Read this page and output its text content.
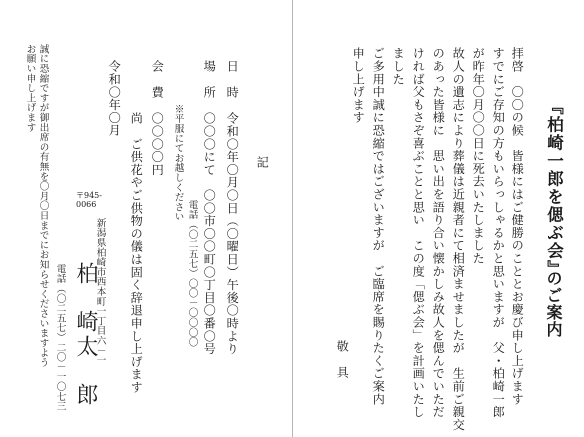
『柏崎一郎を偲ぶ会』
のご案内
拝啓　〇〇の候　皆様にはご健勝のこととお慶び申し上げます
すでにご存知の方もいらっしゃるかと思いますが　父・柏崎一郎
が昨年〇月〇〇日に死去いたしました
故人の遺志により葬儀は近親者にて相済ませましたが　生前ご親交
のあった皆様に　思い出を語り合い懐かしみ故人を偲んでいただ
ければ父もさぞ喜ぶことと思い　この度「偲ぶ会」を計画いたし
ました
ご多用中誠に恐縮ではございますが　ご臨席を賜りたくご案内
申し上げます
敬　具
記
日　時
令和〇年〇月〇日（〇曜日）午後〇時より
場　所
〇〇〇にて　〇〇市〇〇町〇丁目〇番〇号
電話（〇二五七）〇〇－〇〇〇〇
※平服にてお越しください
会　費
〇〇〇〇円
尚　ご供花やご供物の儀は固く辞退申し上げます
令和〇年〇月
〒945-0066
新潟県柏崎市西本町一丁目六－一
柏　崎
太　郎
電話（〇二五七）二〇－一〇七三
誠に恐縮ですが御出席の有無を〇月〇日までにお知らせくださいますよう
お願い申し上げます
